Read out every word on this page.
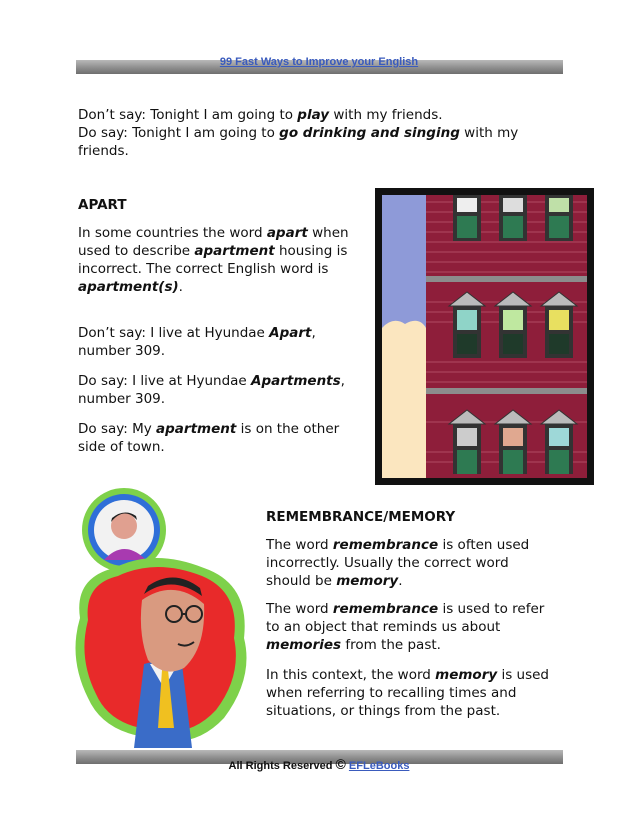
99 Fast Ways to Improve your English

Don’t say: Tonight I am going to play with my friends.
Do say: Tonight I am going to go drinking and singing with my friends.

APART

In some countries the word apart when used to describe apartment housing is incorrect. The correct English word is apartment(s).

Don’t say: I live at Hyundae Apart, number 309.

Do say: I live at Hyundae Apartments, number 309.

Do say: My apartment is on the other side of town.

REMEMBRANCE/MEMORY

The word remembrance is often used incorrectly. Usually the correct word should be memory.

The word remembrance is used to refer to an object that reminds us about memories from the past.

In this context, the word memory is used when referring to recalling times and situations, or things from the past.

All Rights Reserved © EFLeBooks
